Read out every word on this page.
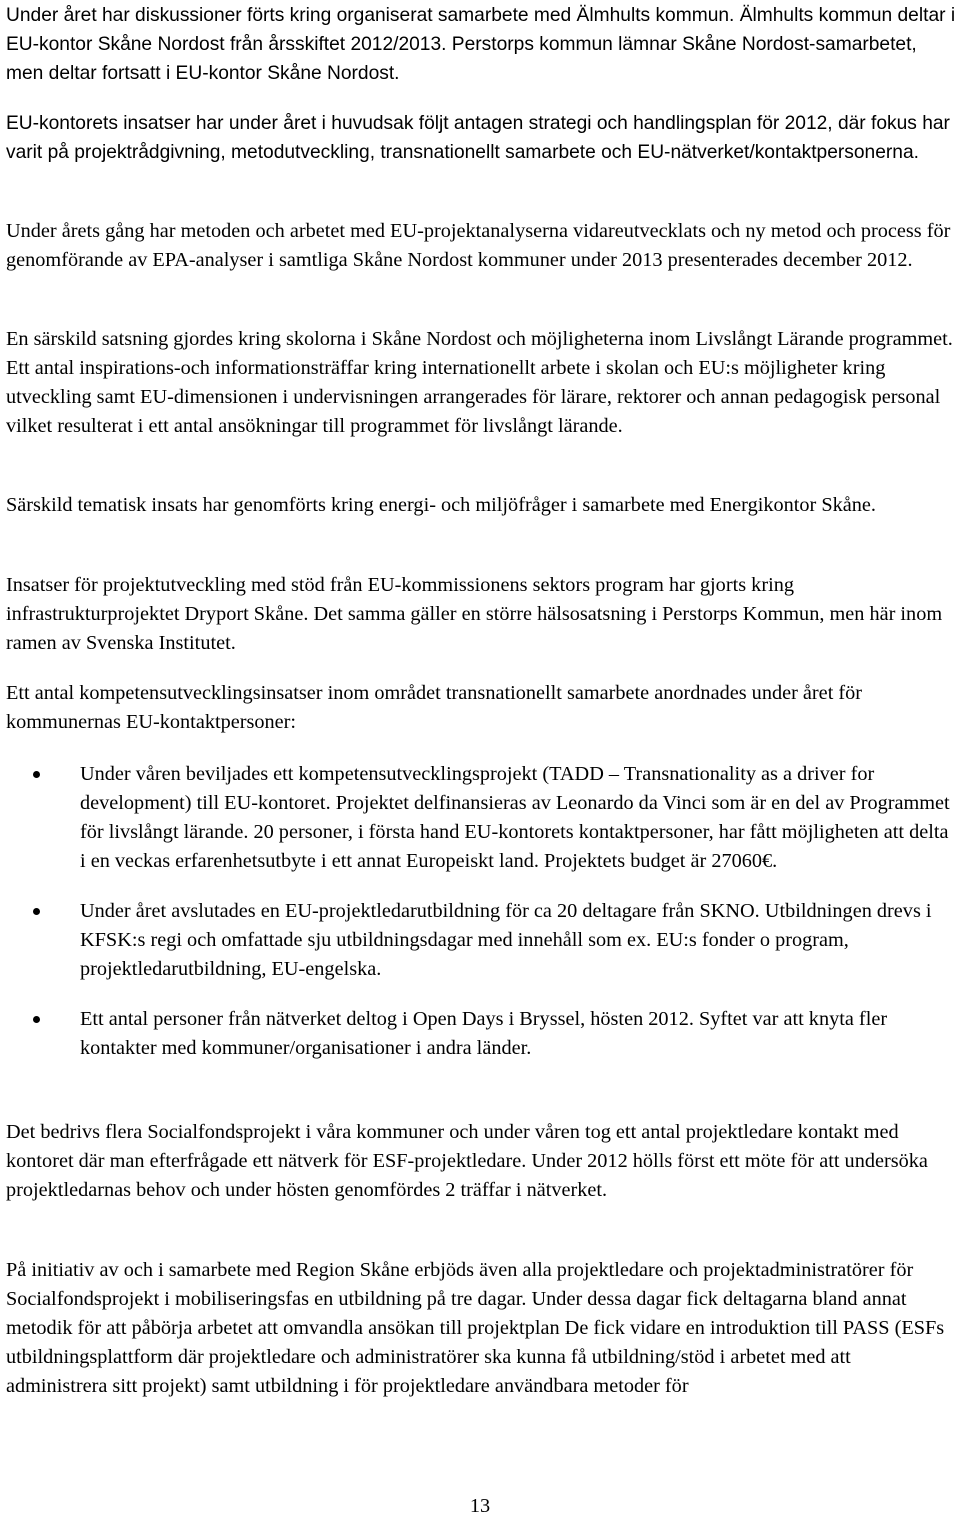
Under året har diskussioner förts kring organiserat samarbete med Älmhults kommun. Älmhults kommun deltar i EU-kontor Skåne Nordost från årsskiftet 2012/2013. Perstorps kommun lämnar Skåne Nordost-samarbetet, men deltar fortsatt i EU-kontor Skåne Nordost.

EU-kontorets insatser har under året i huvudsak följt antagen strategi och handlingsplan för 2012, där fokus har varit på projektrådgivning, metodutveckling, transnationellt samarbete och EU-nätverket/kontaktpersonerna.

Under årets gång har metoden och arbetet med EU-projektanalyserna vidareutvecklats och ny metod och process för genomförande av EPA-analyser i samtliga Skåne Nordost kommuner under 2013 presenterades december 2012.

En särskild satsning gjordes kring skolorna i Skåne Nordost och möjligheterna inom Livslångt Lärande programmet. Ett antal inspirations-och informationsträffar kring internationellt arbete i skolan och EU:s möjligheter kring utveckling samt EU-dimensionen i undervisningen arrangerades för lärare, rektorer och annan pedagogisk personal vilket resulterat i ett antal ansökningar till programmet för livslångt lärande.

Särskild tematisk insats har genomförts kring energi- och miljöfråger i samarbete med Energikontor Skåne.

Insatser för projektutveckling med stöd från EU-kommissionens sektors program har gjorts kring infrastrukturprojektet Dryport Skåne. Det samma gäller en större hälsosatsning i Perstorps Kommun, men här inom ramen av Svenska Institutet.

Ett antal kompetensutvecklingsinsatser inom området transnationellt samarbete anordnades under året för kommunernas EU-kontaktpersoner:

Under våren beviljades ett kompetensutvecklingsprojekt (TADD – Transnationality as a driver for development) till EU-kontoret. Projektet delfinansieras av Leonardo da Vinci som är en del av Programmet för livslångt lärande. 20 personer, i första hand EU-kontorets kontaktpersoner, har fått möjligheten att delta i en veckas erfarenhetsutbyte i ett annat Europeiskt land. Projektets budget är 27060€.
Under året avslutades en EU-projektledarutbildning för ca 20 deltagare från SKNO. Utbildningen drevs i KFSK:s regi och omfattade sju utbildningsdagar med innehåll som ex. EU:s fonder o program, projektledarutbildning, EU-engelska.
Ett antal personer från nätverket deltog i Open Days i Bryssel, hösten 2012. Syftet var att knyta fler kontakter med kommuner/organisationer i andra länder.

Det bedrivs flera Socialfondsprojekt i våra kommuner och under våren tog ett antal projektledare kontakt med kontoret där man efterfrågade ett nätverk för ESF-projektledare. Under 2012 hölls först ett möte för att undersöka projektledarnas behov och under hösten genomfördes 2 träffar i nätverket.

På initiativ av och i samarbete med Region Skåne erbjöds även alla projektledare och projektadministratörer för Socialfondsprojekt i mobiliseringsfas en utbildning på tre dagar. Under dessa dagar fick deltagarna bland annat metodik för att påbörja arbetet att omvandla ansökan till projektplan De fick vidare en introduktion till PASS (ESFs utbildningsplattform där projektledare och administratörer ska kunna få utbildning/stöd i arbetet med att administrera sitt projekt) samt utbildning i för projektledare användbara metoder för

13
